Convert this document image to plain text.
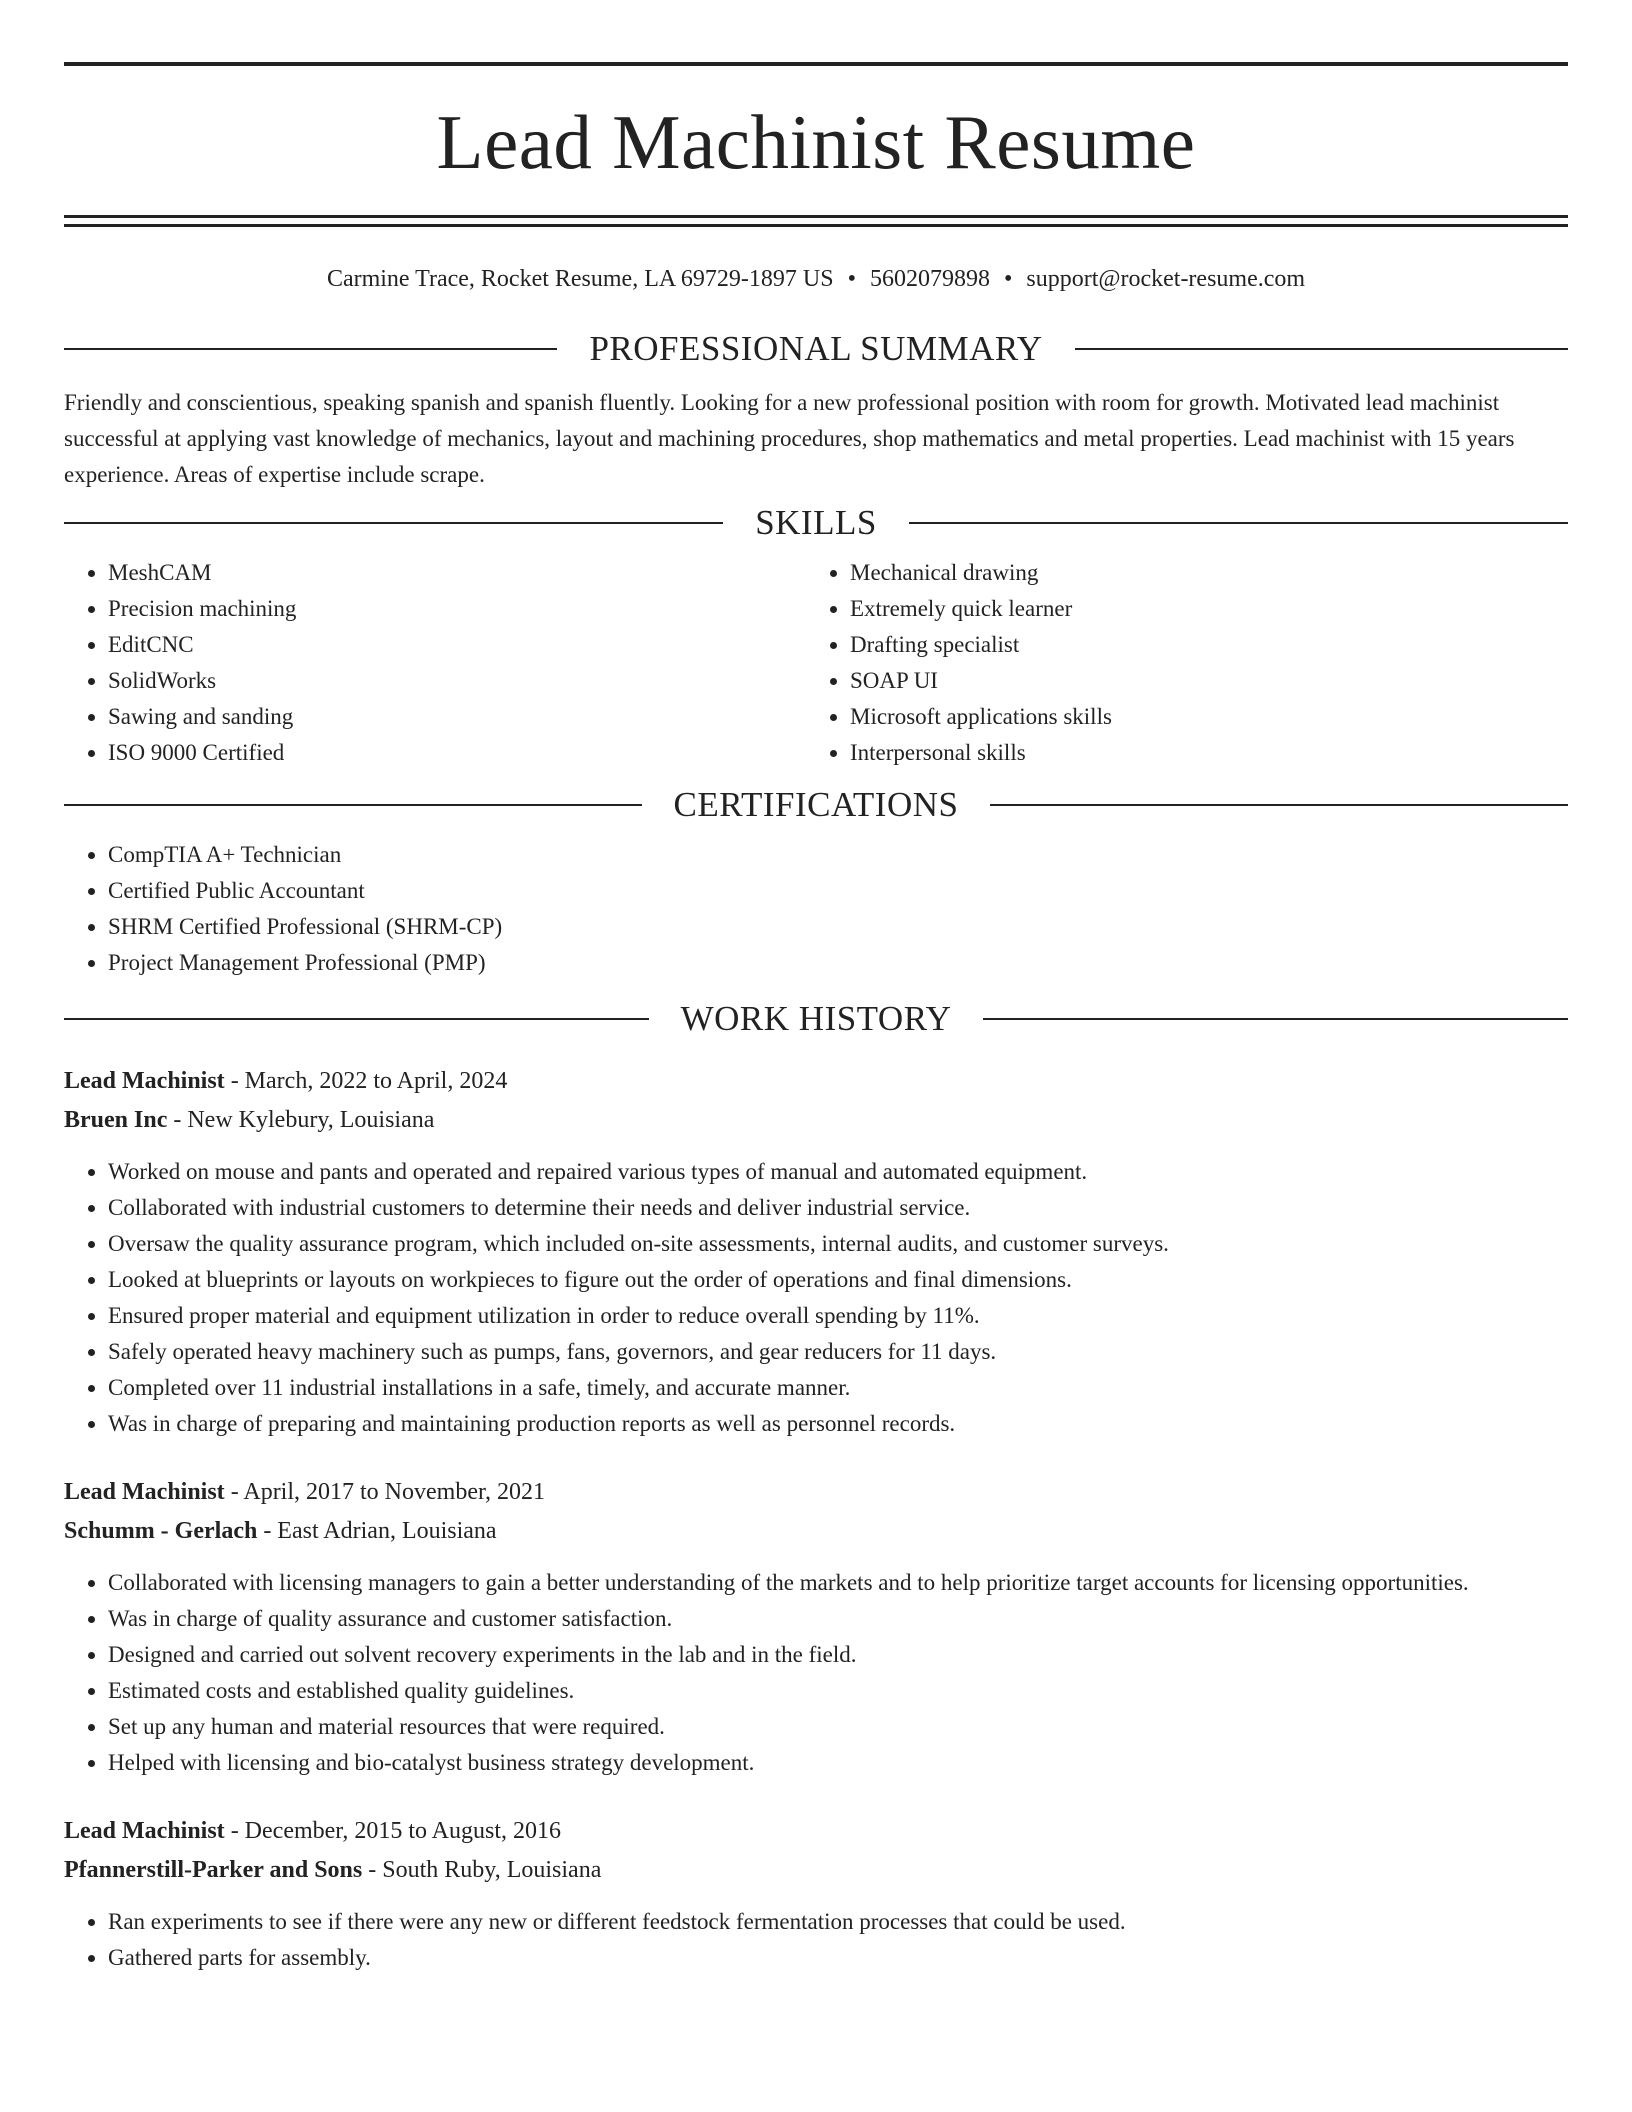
Lead Machinist Resume
Carmine Trace, Rocket Resume, LA 69729-1897 US • 5602079898 • support@rocket-resume.com
PROFESSIONAL SUMMARY

Friendly and conscientious, speaking spanish and spanish fluently. Looking for a new professional position with room for growth. Motivated lead machinist successful at applying vast knowledge of mechanics, layout and machining procedures, shop mathematics and metal properties. Lead machinist with 15 years experience. Areas of expertise include scrape.

SKILLS
• MeshCAM
• Precision machining
• EditCNC
• SolidWorks
• Sawing and sanding
• ISO 9000 Certified
• Mechanical drawing
• Extremely quick learner
• Drafting specialist
• SOAP UI
• Microsoft applications skills
• Interpersonal skills
CERTIFICATIONS
• CompTIA A+ Technician
• Certified Public Accountant
• SHRM Certified Professional (SHRM-CP)
• Project Management Professional (PMP)
WORK HISTORY
Lead Machinist - March, 2022 to April, 2024
Bruen Inc - New Kylebury, Louisiana
• Worked on mouse and pants and operated and repaired various types of manual and automated equipment.
• Collaborated with industrial customers to determine their needs and deliver industrial service.
• Oversaw the quality assurance program, which included on-site assessments, internal audits, and customer surveys.
• Looked at blueprints or layouts on workpieces to figure out the order of operations and final dimensions.
• Ensured proper material and equipment utilization in order to reduce overall spending by 11%.
• Safely operated heavy machinery such as pumps, fans, governors, and gear reducers for 11 days.
• Completed over 11 industrial installations in a safe, timely, and accurate manner.
• Was in charge of preparing and maintaining production reports as well as personnel records.
Lead Machinist - April, 2017 to November, 2021
Schumm - Gerlach - East Adrian, Louisiana
• Collaborated with licensing managers to gain a better understanding of the markets and to help prioritize target accounts for licensing opportunities.
• Was in charge of quality assurance and customer satisfaction.
• Designed and carried out solvent recovery experiments in the lab and in the field.
• Estimated costs and established quality guidelines.
• Set up any human and material resources that were required.
• Helped with licensing and bio-catalyst business strategy development.
Lead Machinist - December, 2015 to August, 2016
Pfannerstill-Parker and Sons - South Ruby, Louisiana
• Ran experiments to see if there were any new or different feedstock fermentation processes that could be used.
• Gathered parts for assembly.
